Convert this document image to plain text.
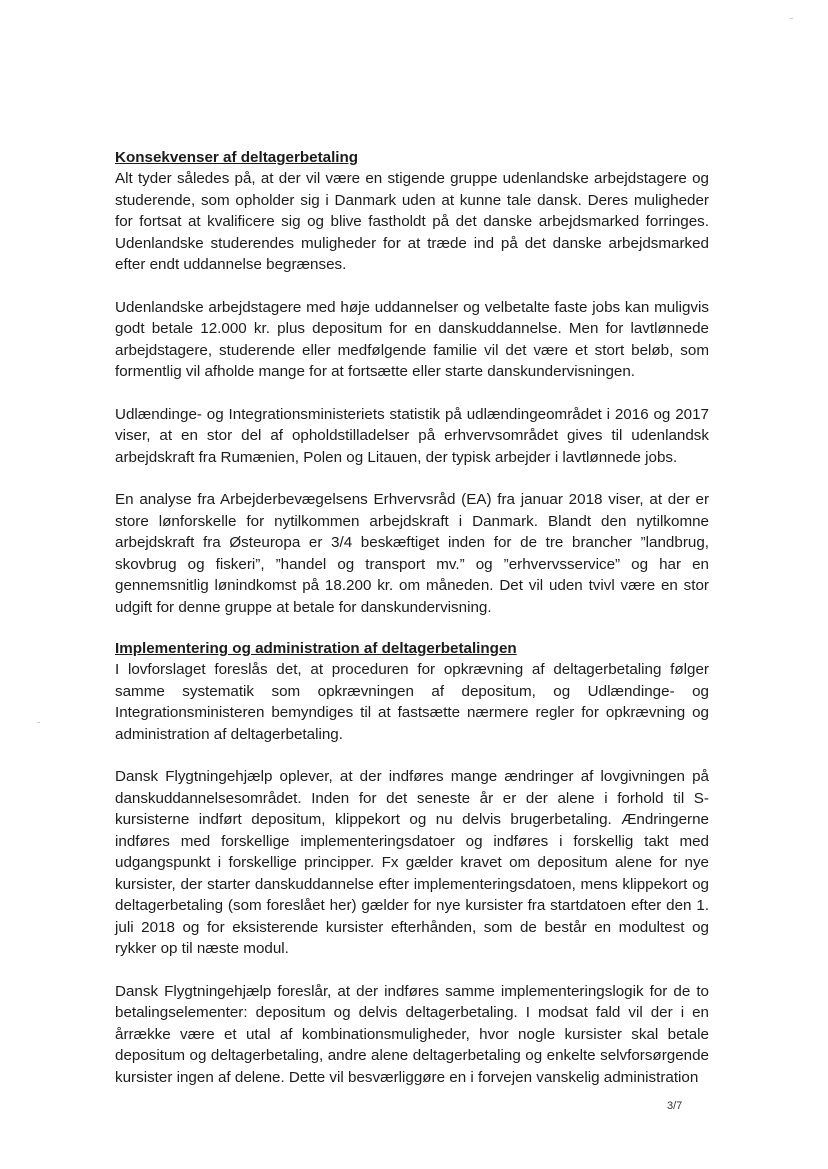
Konsekvenser af deltagerbetaling

Alt tyder således på, at der vil være en stigende gruppe udenlandske arbejdstagere og studerende, som opholder sig i Danmark uden at kunne tale dansk. Deres muligheder for fortsat at kvalificere sig og blive fastholdt på det danske arbejdsmarked forringes. Udenlandske studerendes muligheder for at træde ind på det danske arbejdsmarked efter endt uddannelse begrænses.

Udenlandske arbejdstagere med høje uddannelser og velbetalte faste jobs kan muligvis godt betale 12.000 kr. plus depositum for en danskuddannelse. Men for lavtlønnede arbejdstagere, studerende eller medfølgende familie vil det være et stort beløb, som formentlig vil afholde mange for at fortsætte eller starte danskundervisningen.

Udlændinge- og Integrationsministeriets statistik på udlændingeområdet i 2016 og 2017 viser, at en stor del af opholdstilladelser på erhvervsområdet gives til udenlandsk arbejdskraft fra Rumænien, Polen og Litauen, der typisk arbejder i lavtlønnede jobs.

En analyse fra Arbejderbevægelsens Erhvervsråd (EA) fra januar 2018 viser, at der er store lønforskelle for nytilkommen arbejdskraft i Danmark. Blandt den nytilkomne arbejdskraft fra Østeuropa er 3/4 beskæftiget inden for de tre brancher ”landbrug, skovbrug og fiskeri”, ”handel og transport mv.” og ”erhvervsservice” og har en gennemsnitlig lønindkomst på 18.200 kr. om måneden. Det vil uden tvivl være en stor udgift for denne gruppe at betale for danskundervisning.

Implementering og administration af deltagerbetalingen

I lovforslaget foreslås det, at proceduren for opkrævning af deltagerbetaling følger samme systematik som opkrævningen af depositum, og Udlændinge- og Integrationsministeren bemyndiges til at fastsætte nærmere regler for opkrævning og administration af deltagerbetaling.

Dansk Flygtningehjælp oplever, at der indføres mange ændringer af lovgivningen på danskuddannelsesområdet. Inden for det seneste år er der alene i forhold til S-kursisterne indført depositum, klippekort og nu delvis brugerbetaling. Ændringerne indføres med forskellige implementeringsdatoer og indføres i forskellig takt med udgangspunkt i forskellige principper. Fx gælder kravet om depositum alene for nye kursister, der starter danskuddannelse efter implementeringsdatoen, mens klippekort og deltagerbetaling (som foreslået her) gælder for nye kursister fra startdatoen efter den 1. juli 2018 og for eksisterende kursister efterhånden, som de består en modultest og rykker op til næste modul.

Dansk Flygtningehjælp foreslår, at der indføres samme implementeringslogik for de to betalingselementer: depositum og delvis deltagerbetaling. I modsat fald vil der i en årrække være et utal af kombinationsmuligheder, hvor nogle kursister skal betale depositum og deltagerbetaling, andre alene deltagerbetaling og enkelte selvforsørgende kursister ingen af delene. Dette vil besværliggøre en i forvejen vanskelig administration

3/7
